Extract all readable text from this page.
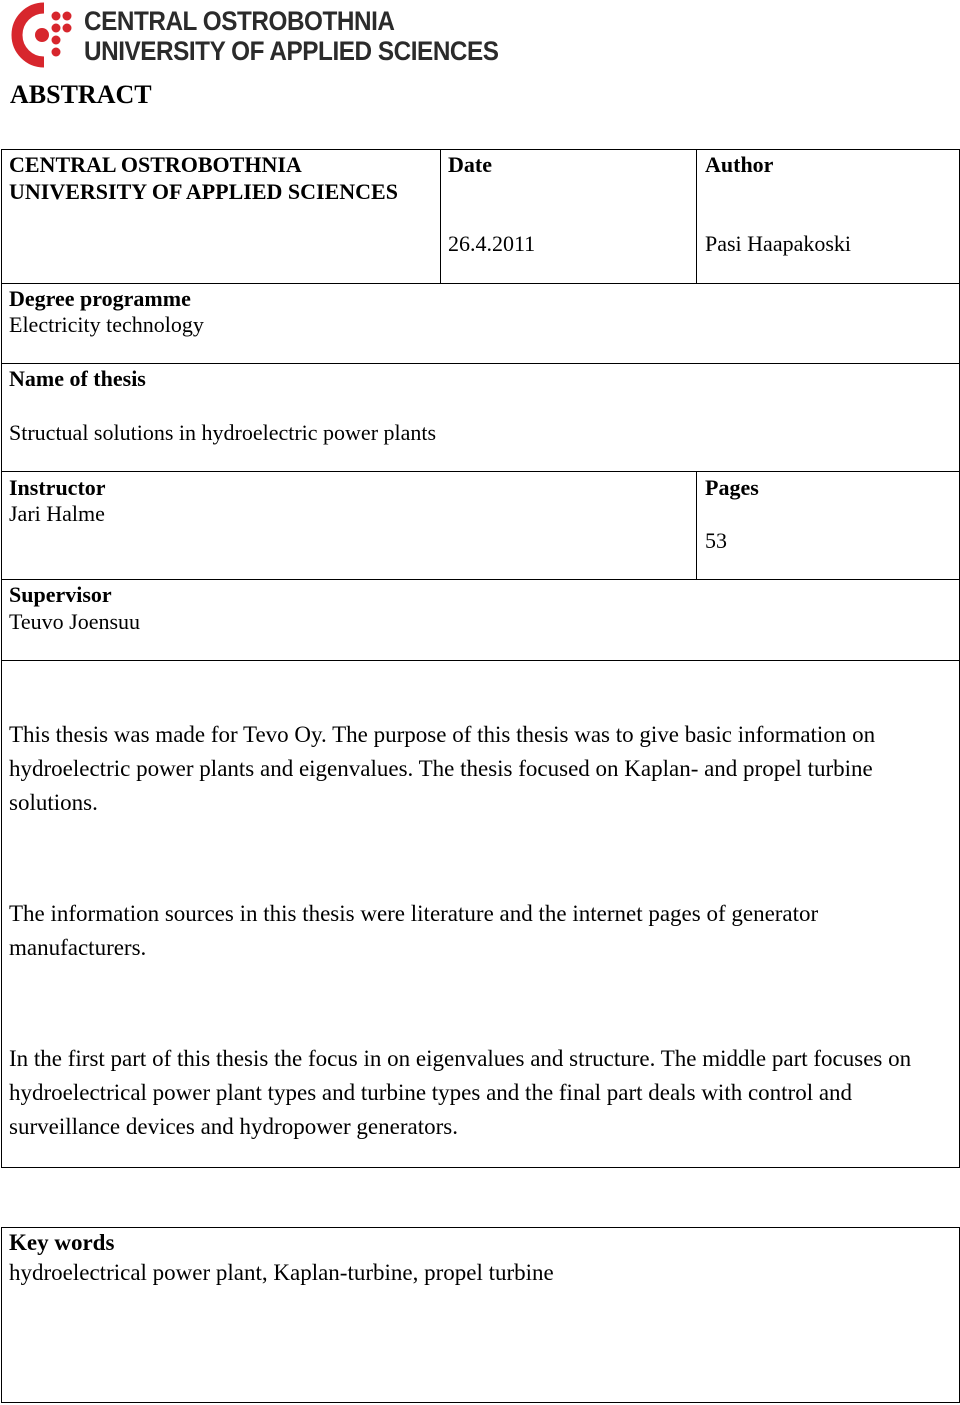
CENTRAL OSTROBOTHNIA
UNIVERSITY OF APPLIED SCIENCES
ABSTRACT
CENTRAL OSTROBOTHNIA
UNIVERSITY OF APPLIED SCIENCES
Date
26.4.2011
Author
Pasi Haapakoski
Degree programme
Electricity technology
Name of thesis
Structual solutions in hydroelectric power plants
Instructor
Jari Halme
Pages
53
Supervisor
Teuvo Joensuu
This thesis was made for Tevo Oy. The purpose of this thesis was to give basic information on hydroelectric power plants and eigenvalues. The thesis focused on Kaplan- and propel turbine solutions.
The information sources in this thesis were literature and the internet pages of generator manufacturers.
In the first part of this thesis the focus in on eigenvalues and structure. The middle part focuses on hydroelectrical power plant types and turbine types and the final part deals with control and surveillance devices and hydropower generators.
Key words
hydroelectrical power plant, Kaplan-turbine, propel turbine
